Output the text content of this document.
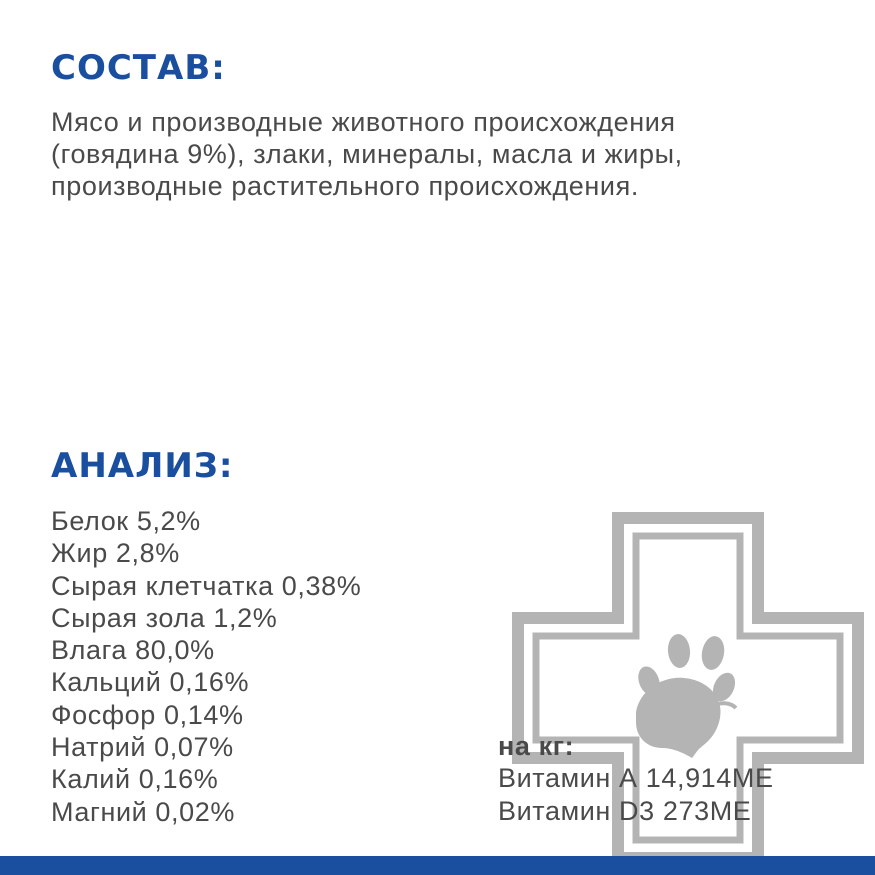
СОСТАВ:

Мясо и производные животного происхождения (говядина 9%), злаки, минералы, масла и жиры, производные растительного происхождения.

АНАЛИЗ:
Белок 5,2%
Жир 2,8%
Сырая клетчатка 0,38%
Сырая зола 1,2%
Влага 80,0%
Кальций 0,16%
Фосфор 0,14%
Натрий 0,07%
Калий 0,16%
Магний 0,02%
на кг:
Витамин А 14,914МЕ
Витамин D3 273МЕ
